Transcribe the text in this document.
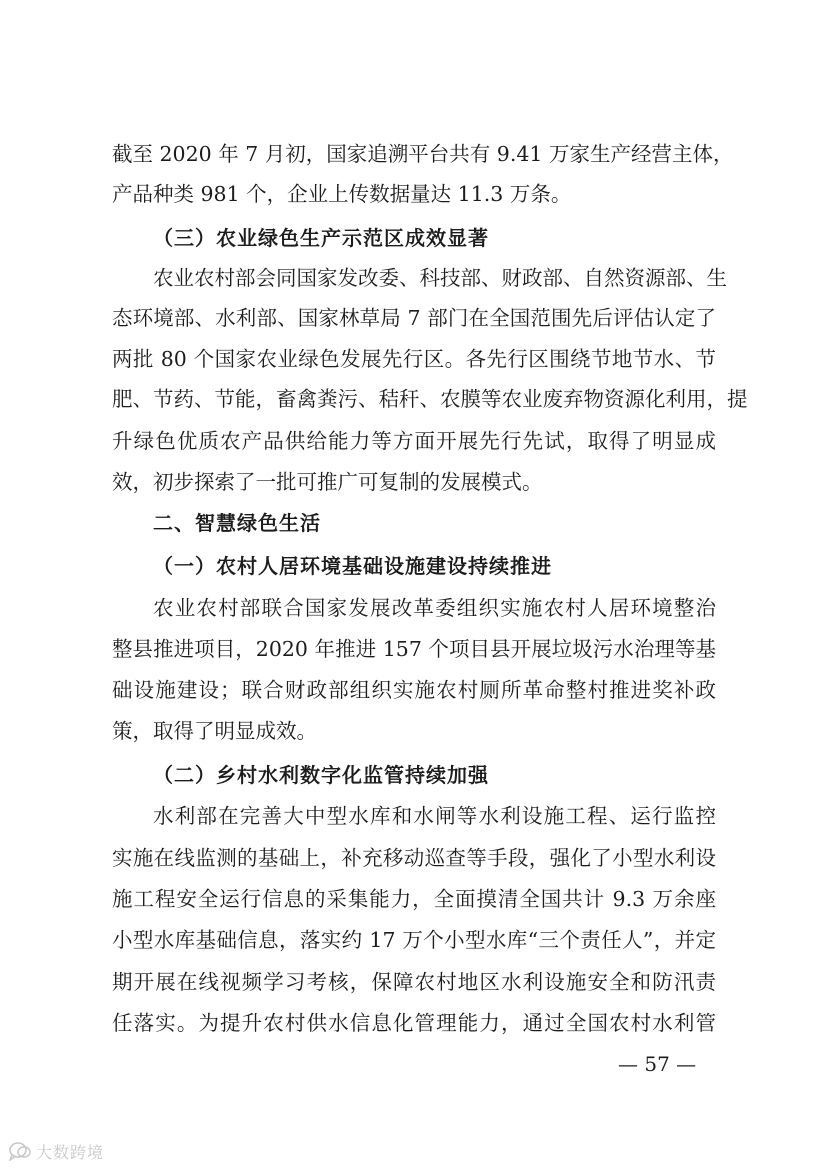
截至 2020 年 7 月初，国家追溯平台共有 9.41 万家生产经营主体，
产品种类 981 个，企业上传数据量达 11.3 万条。
（三）农业绿色生产示范区成效显著
农业农村部会同国家发改委、科技部、财政部、自然资源部、生
态环境部、水利部、国家林草局 7 部门在全国范围先后评估认定了
两批 80 个国家农业绿色发展先行区。各先行区围绕节地节水、节
肥、节药、节能，畜禽粪污、秸秆、农膜等农业废弃物资源化利用，提
升绿色优质农产品供给能力等方面开展先行先试，取得了明显成
效，初步探索了一批可推广可复制的发展模式。
二、智慧绿色生活
（一）农村人居环境基础设施建设持续推进
农业农村部联合国家发展改革委组织实施农村人居环境整治
整县推进项目，2020 年推进 157 个项目县开展垃圾污水治理等基
础设施建设；联合财政部组织实施农村厕所革命整村推进奖补政
策，取得了明显成效。
（二）乡村水利数字化监管持续加强
水利部在完善大中型水库和水闸等水利设施工程、运行监控
实施在线监测的基础上，补充移动巡查等手段，强化了小型水利设
施工程安全运行信息的采集能力，全面摸清全国共计 9.3 万余座
小型水库基础信息，落实约 17 万个小型水库“三个责任人”，并定
期开展在线视频学习考核，保障农村地区水利设施安全和防汛责
任落实。为提升农村供水信息化管理能力，通过全国农村水利管
— 57 —
大数跨境
